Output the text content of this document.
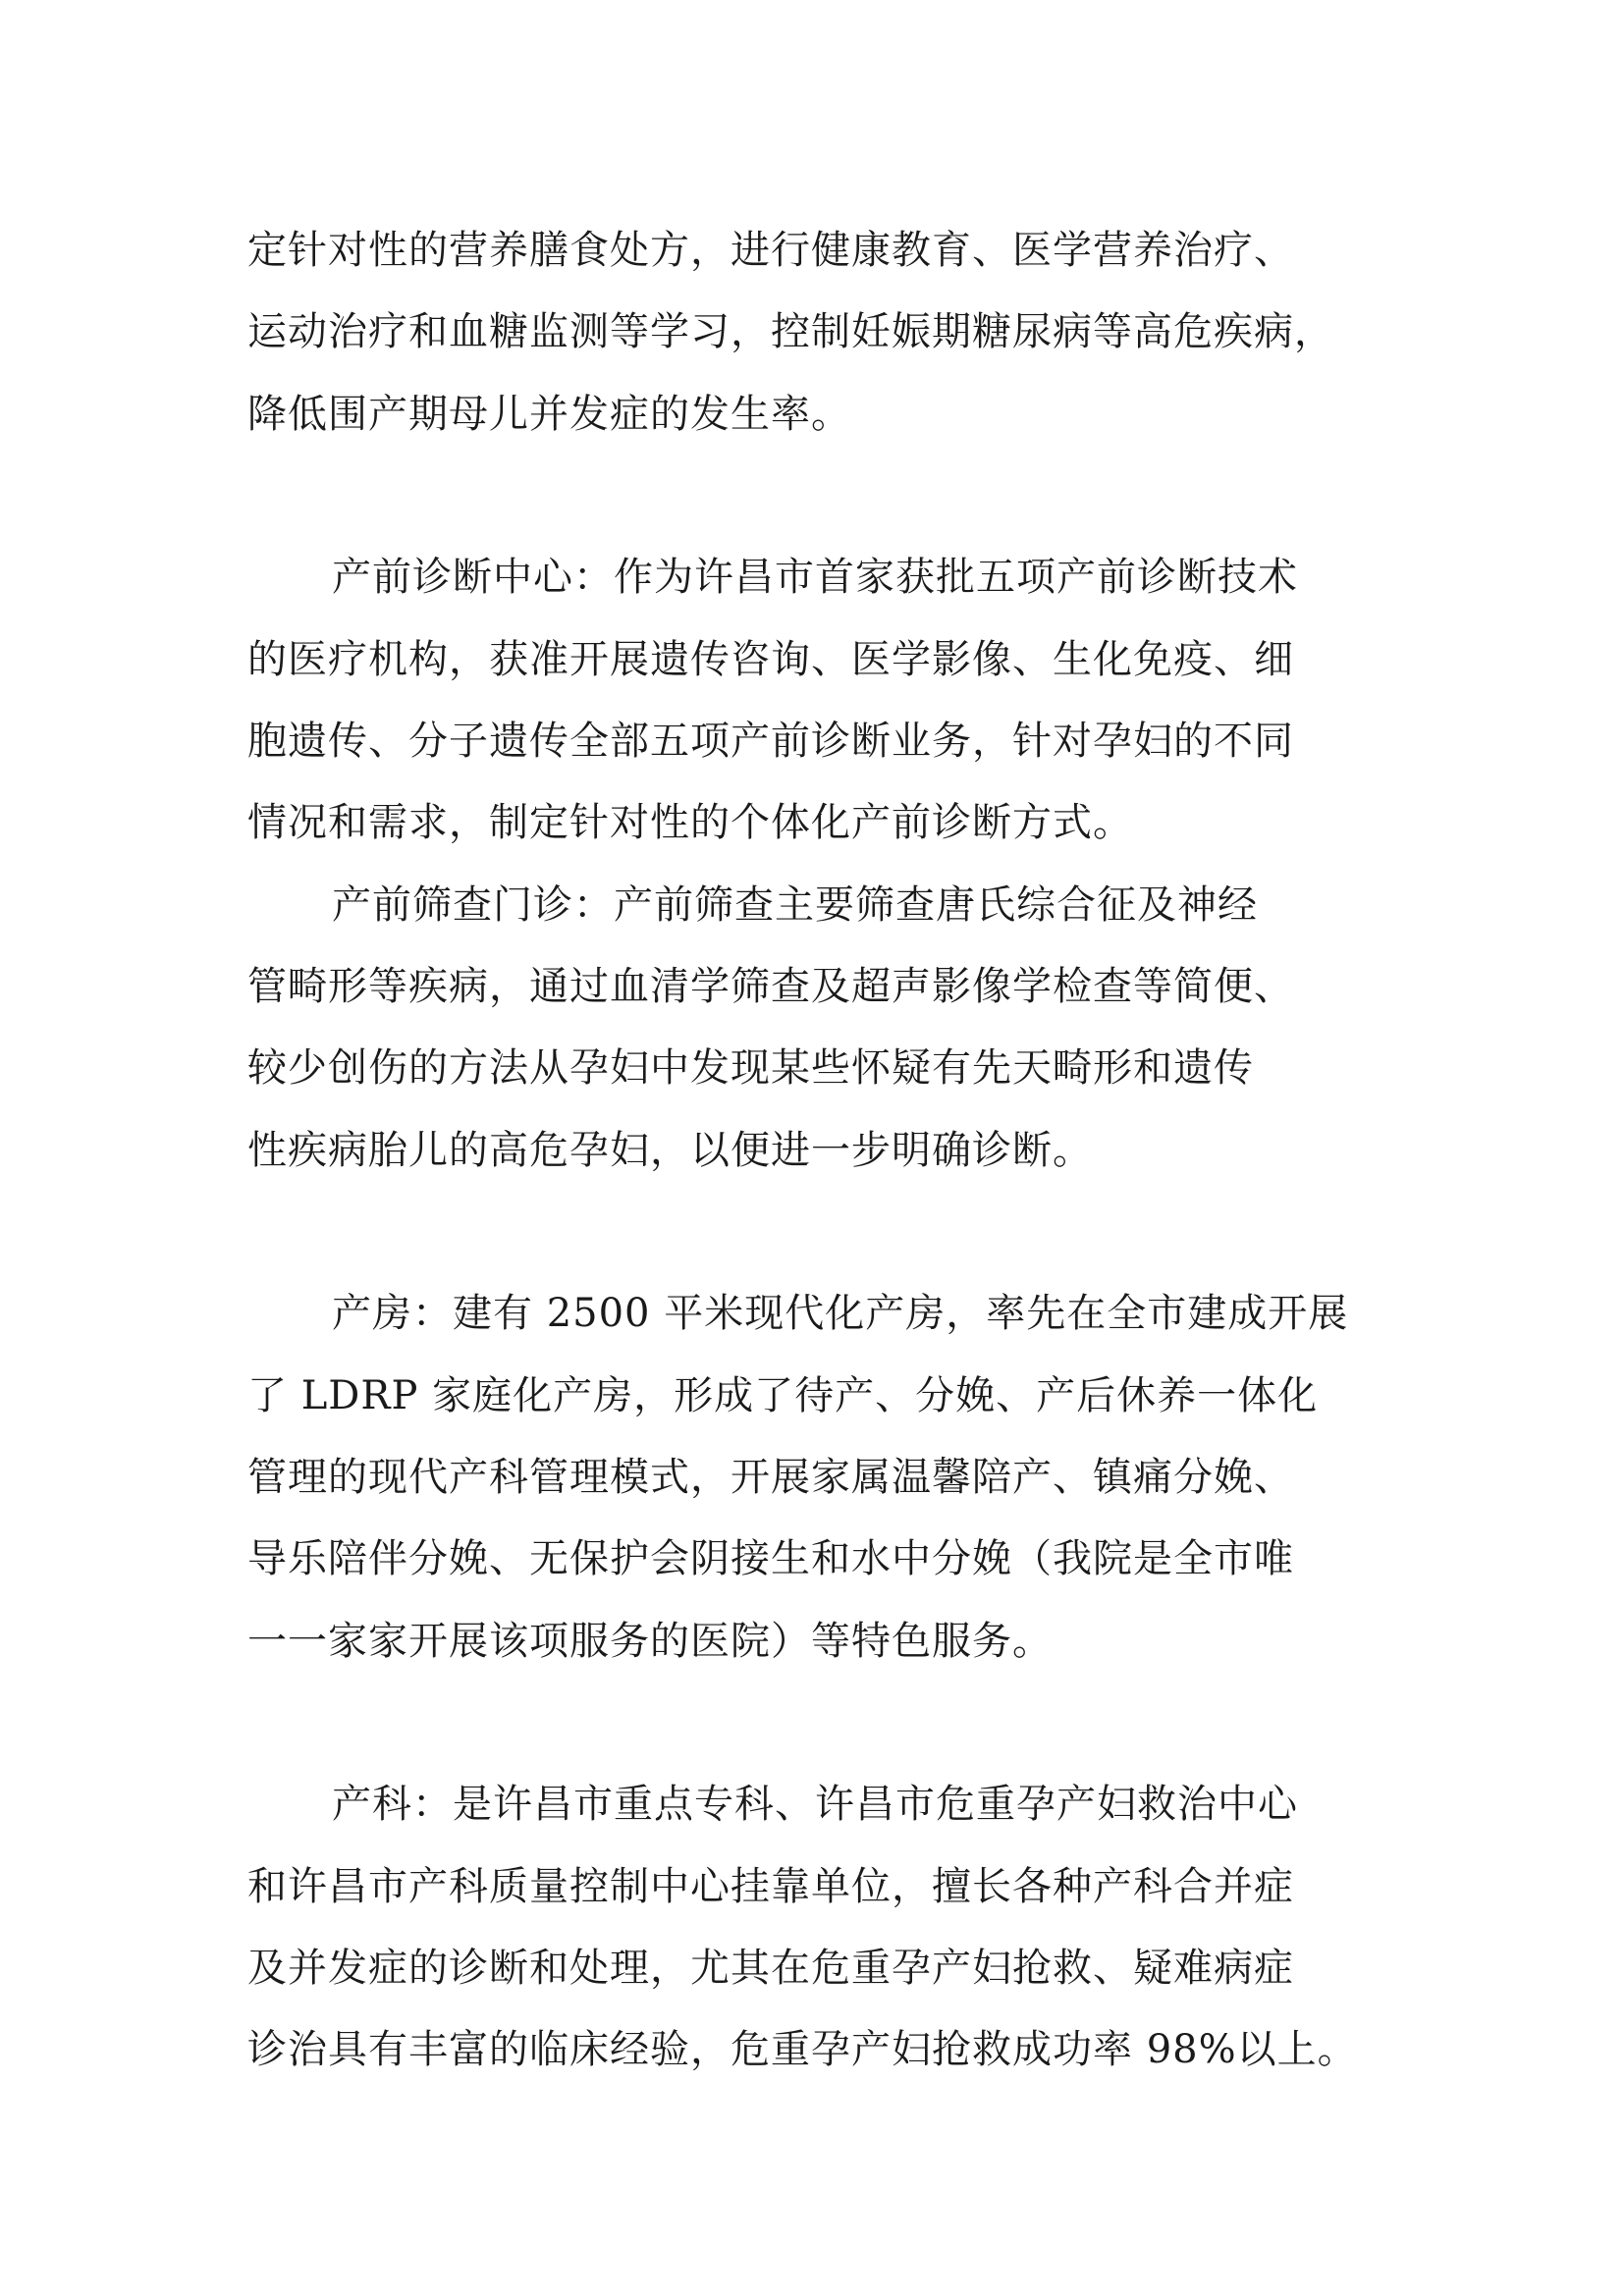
定针对性的营养膳食处方，进行健康教育、医学营养治疗、
运动治疗和血糖监测等学习，控制妊娠期糖尿病等高危疾病，
降低围产期母儿并发症的发生率。
产前诊断中心：作为许昌市首家获批五项产前诊断技术
的医疗机构，获准开展遗传咨询、医学影像、生化免疫、细
胞遗传、分子遗传全部五项产前诊断业务，针对孕妇的不同
情况和需求，制定针对性的个体化产前诊断方式。
产前筛查门诊：产前筛查主要筛查唐氏综合征及神经
管畸形等疾病，通过血清学筛查及超声影像学检查等简便、
较少创伤的方法从孕妇中发现某些怀疑有先天畸形和遗传
性疾病胎儿的高危孕妇，以便进一步明确诊断。
产房：建有 2500 平米现代化产房，率先在全市建成开展
了 LDRP 家庭化产房，形成了待产、分娩、产后休养一体化
管理的现代产科管理模式，开展家属温馨陪产、镇痛分娩、
导乐陪伴分娩、无保护会阴接生和水中分娩（我院是全市唯
一一家家开展该项服务的医院）等特色服务。
产科：是许昌市重点专科、许昌市危重孕产妇救治中心
和许昌市产科质量控制中心挂靠单位，擅长各种产科合并症
及并发症的诊断和处理，尤其在危重孕产妇抢救、疑难病症
诊治具有丰富的临床经验，危重孕产妇抢救成功率 98%以上。
